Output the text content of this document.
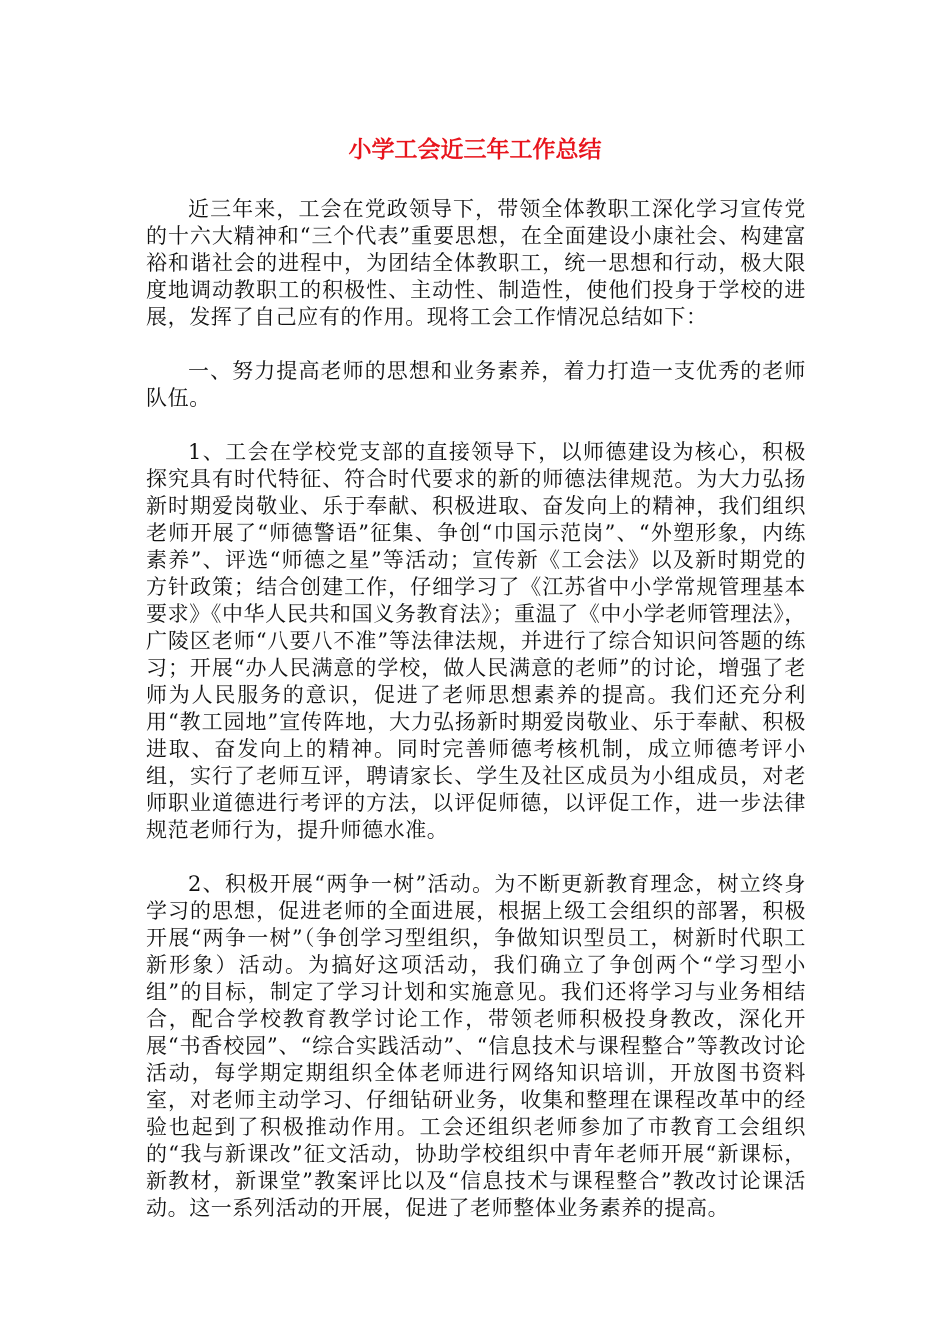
小学工会近三年工作总结

近三年来，工会在党政领导下，带领全体教职工深化学习宣传党的十六大精神和“三个代表”重要思想，在全面建设小康社会、构建富裕和谐社会的进程中，为团结全体教职工，统一思想和行动，极大限度地调动教职工的积极性、主动性、制造性，使他们投身于学校的进展，发挥了自己应有的作用。现将工会工作情况总结如下：

一、努力提高老师的思想和业务素养，着力打造一支优秀的老师队伍。

1、工会在学校党支部的直接领导下，以师德建设为核心，积极探究具有时代特征、符合时代要求的新的师德法律规范。为大力弘扬新时期爱岗敬业、乐于奉献、积极进取、奋发向上的精神，我们组织老师开展了“师德警语”征集、争创“巾国示范岗”、“外塑形象，内练素养”、评选“师德之星”等活动；宣传新《工会法》以及新时期党的方针政策；结合创建工作，仔细学习了《江苏省中小学常规管理基本要求》《中华人民共和国义务教育法》；重温了《中小学老师管理法》，广陵区老师“八要八不准”等法律法规，并进行了综合知识问答题的练习；开展“办人民满意的学校，做人民满意的老师”的讨论，增强了老师为人民服务的意识，促进了老师思想素养的提高。我们还充分利用“教工园地”宣传阵地，大力弘扬新时期爱岗敬业、乐于奉献、积极进取、奋发向上的精神。同时完善师德考核机制，成立师德考评小组，实行了老师互评，聘请家长、学生及社区成员为小组成员，对老师职业道德进行考评的方法，以评促师德，以评促工作，进一步法律规范老师行为，提升师德水准。

2、积极开展“两争一树”活动。为不断更新教育理念，树立终身学习的思想，促进老师的全面进展，根据上级工会组织的部署，积极开展“两争一树”（争创学习型组织，争做知识型员工，树新时代职工新形象）活动。为搞好这项活动，我们确立了争创两个“学习型小组”的目标，制定了学习计划和实施意见。我们还将学习与业务相结合，配合学校教育教学讨论工作，带领老师积极投身教改，深化开展“书香校园”、“综合实践活动”、“信息技术与课程整合”等教改讨论活动，每学期定期组织全体老师进行网络知识培训，开放图书资料室，对老师主动学习、仔细钻研业务，收集和整理在课程改革中的经验也起到了积极推动作用。工会还组织老师参加了市教育工会组织的“我与新课改”征文活动，协助学校组织中青年老师开展“新课标，新教材，新课堂”教案评比以及“信息技术与课程整合”教改讨论课活动。这一系列活动的开展，促进了老师整体业务素养的提高。
